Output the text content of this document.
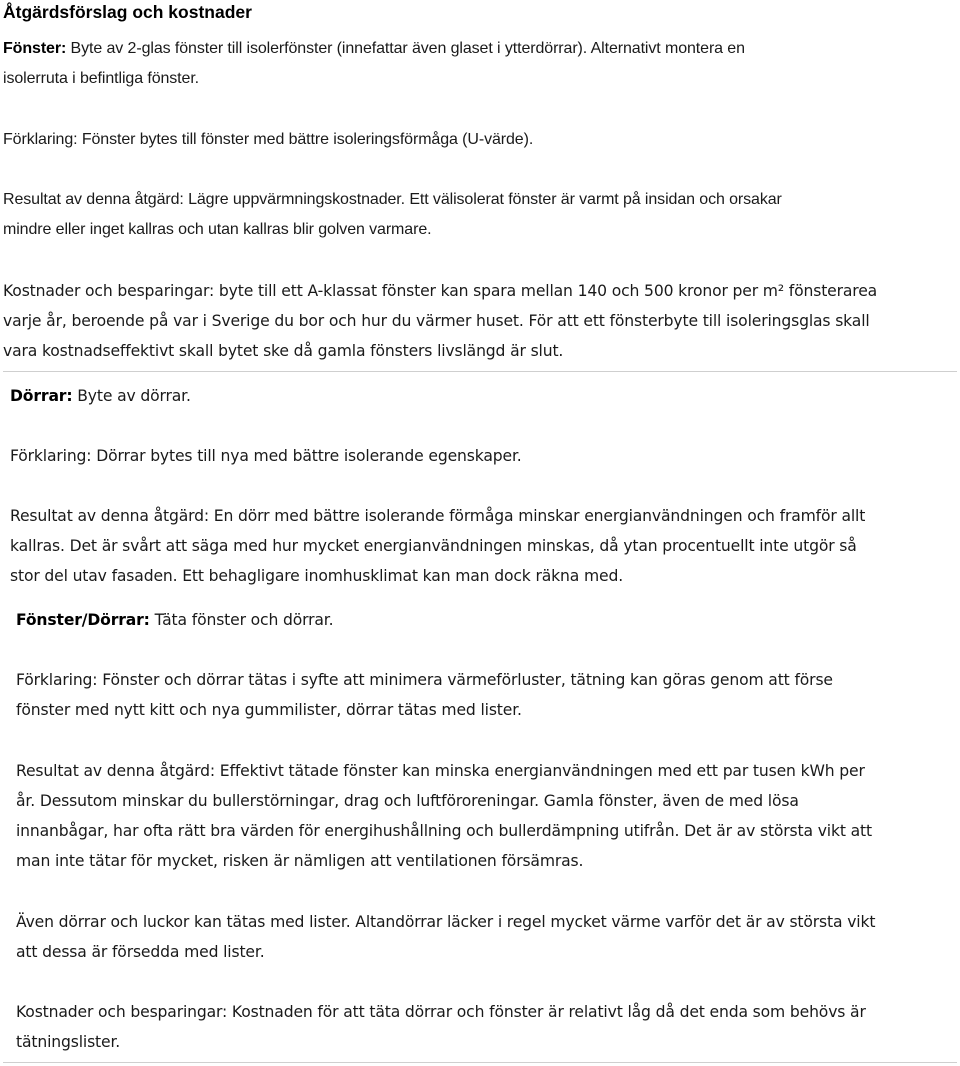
Åtgärdsförslag och kostnader
Fönster: Byte av 2-glas fönster till isolerfönster (innefattar även glaset i ytterdörrar). Alternativt montera en
isolerruta i befintliga fönster.
Förklaring: Fönster bytes till fönster med bättre isoleringsförmåga (U-värde).
Resultat av denna åtgärd: Lägre uppvärmningskostnader. Ett välisolerat fönster är varmt på insidan och orsakar
mindre eller inget kallras och utan kallras blir golven varmare.
Kostnader och besparingar: byte till ett A-klassat fönster kan spara mellan 140 och 500 kronor per m² fönsterarea
varje år, beroende på var i Sverige du bor och hur du värmer huset. För att ett fönsterbyte till isoleringsglas skall
vara kostnadseffektivt skall bytet ske då gamla fönsters livslängd är slut.
Dörrar: Byte av dörrar.
Förklaring: Dörrar bytes till nya med bättre isolerande egenskaper.
Resultat av denna åtgärd: En dörr med bättre isolerande förmåga minskar energianvändningen och framför allt
kallras. Det är svårt att säga med hur mycket energianvändningen minskas, då ytan procentuellt inte utgör så
stor del utav fasaden. Ett behagligare inomhusklimat kan man dock räkna med.
Fönster/Dörrar: Täta fönster och dörrar.
Förklaring: Fönster och dörrar tätas i syfte att minimera värmeförluster, tätning kan göras genom att förse
fönster med nytt kitt och nya gummilister, dörrar tätas med lister.
Resultat av denna åtgärd: Effektivt tätade fönster kan minska energianvändningen med ett par tusen kWh per
år. Dessutom minskar du bullerstörningar, drag och luftföroreningar. Gamla fönster, även de med lösa
innanbågar, har ofta rätt bra värden för energihushållning och bullerdämpning utifrån. Det är av största vikt att
man inte tätar för mycket, risken är nämligen att ventilationen försämras.
Även dörrar och luckor kan tätas med lister. Altandörrar läcker i regel mycket värme varför det är av största vikt
att dessa är försedda med lister.
Kostnader och besparingar: Kostnaden för att täta dörrar och fönster är relativt låg då det enda som behövs är
tätningslister.
